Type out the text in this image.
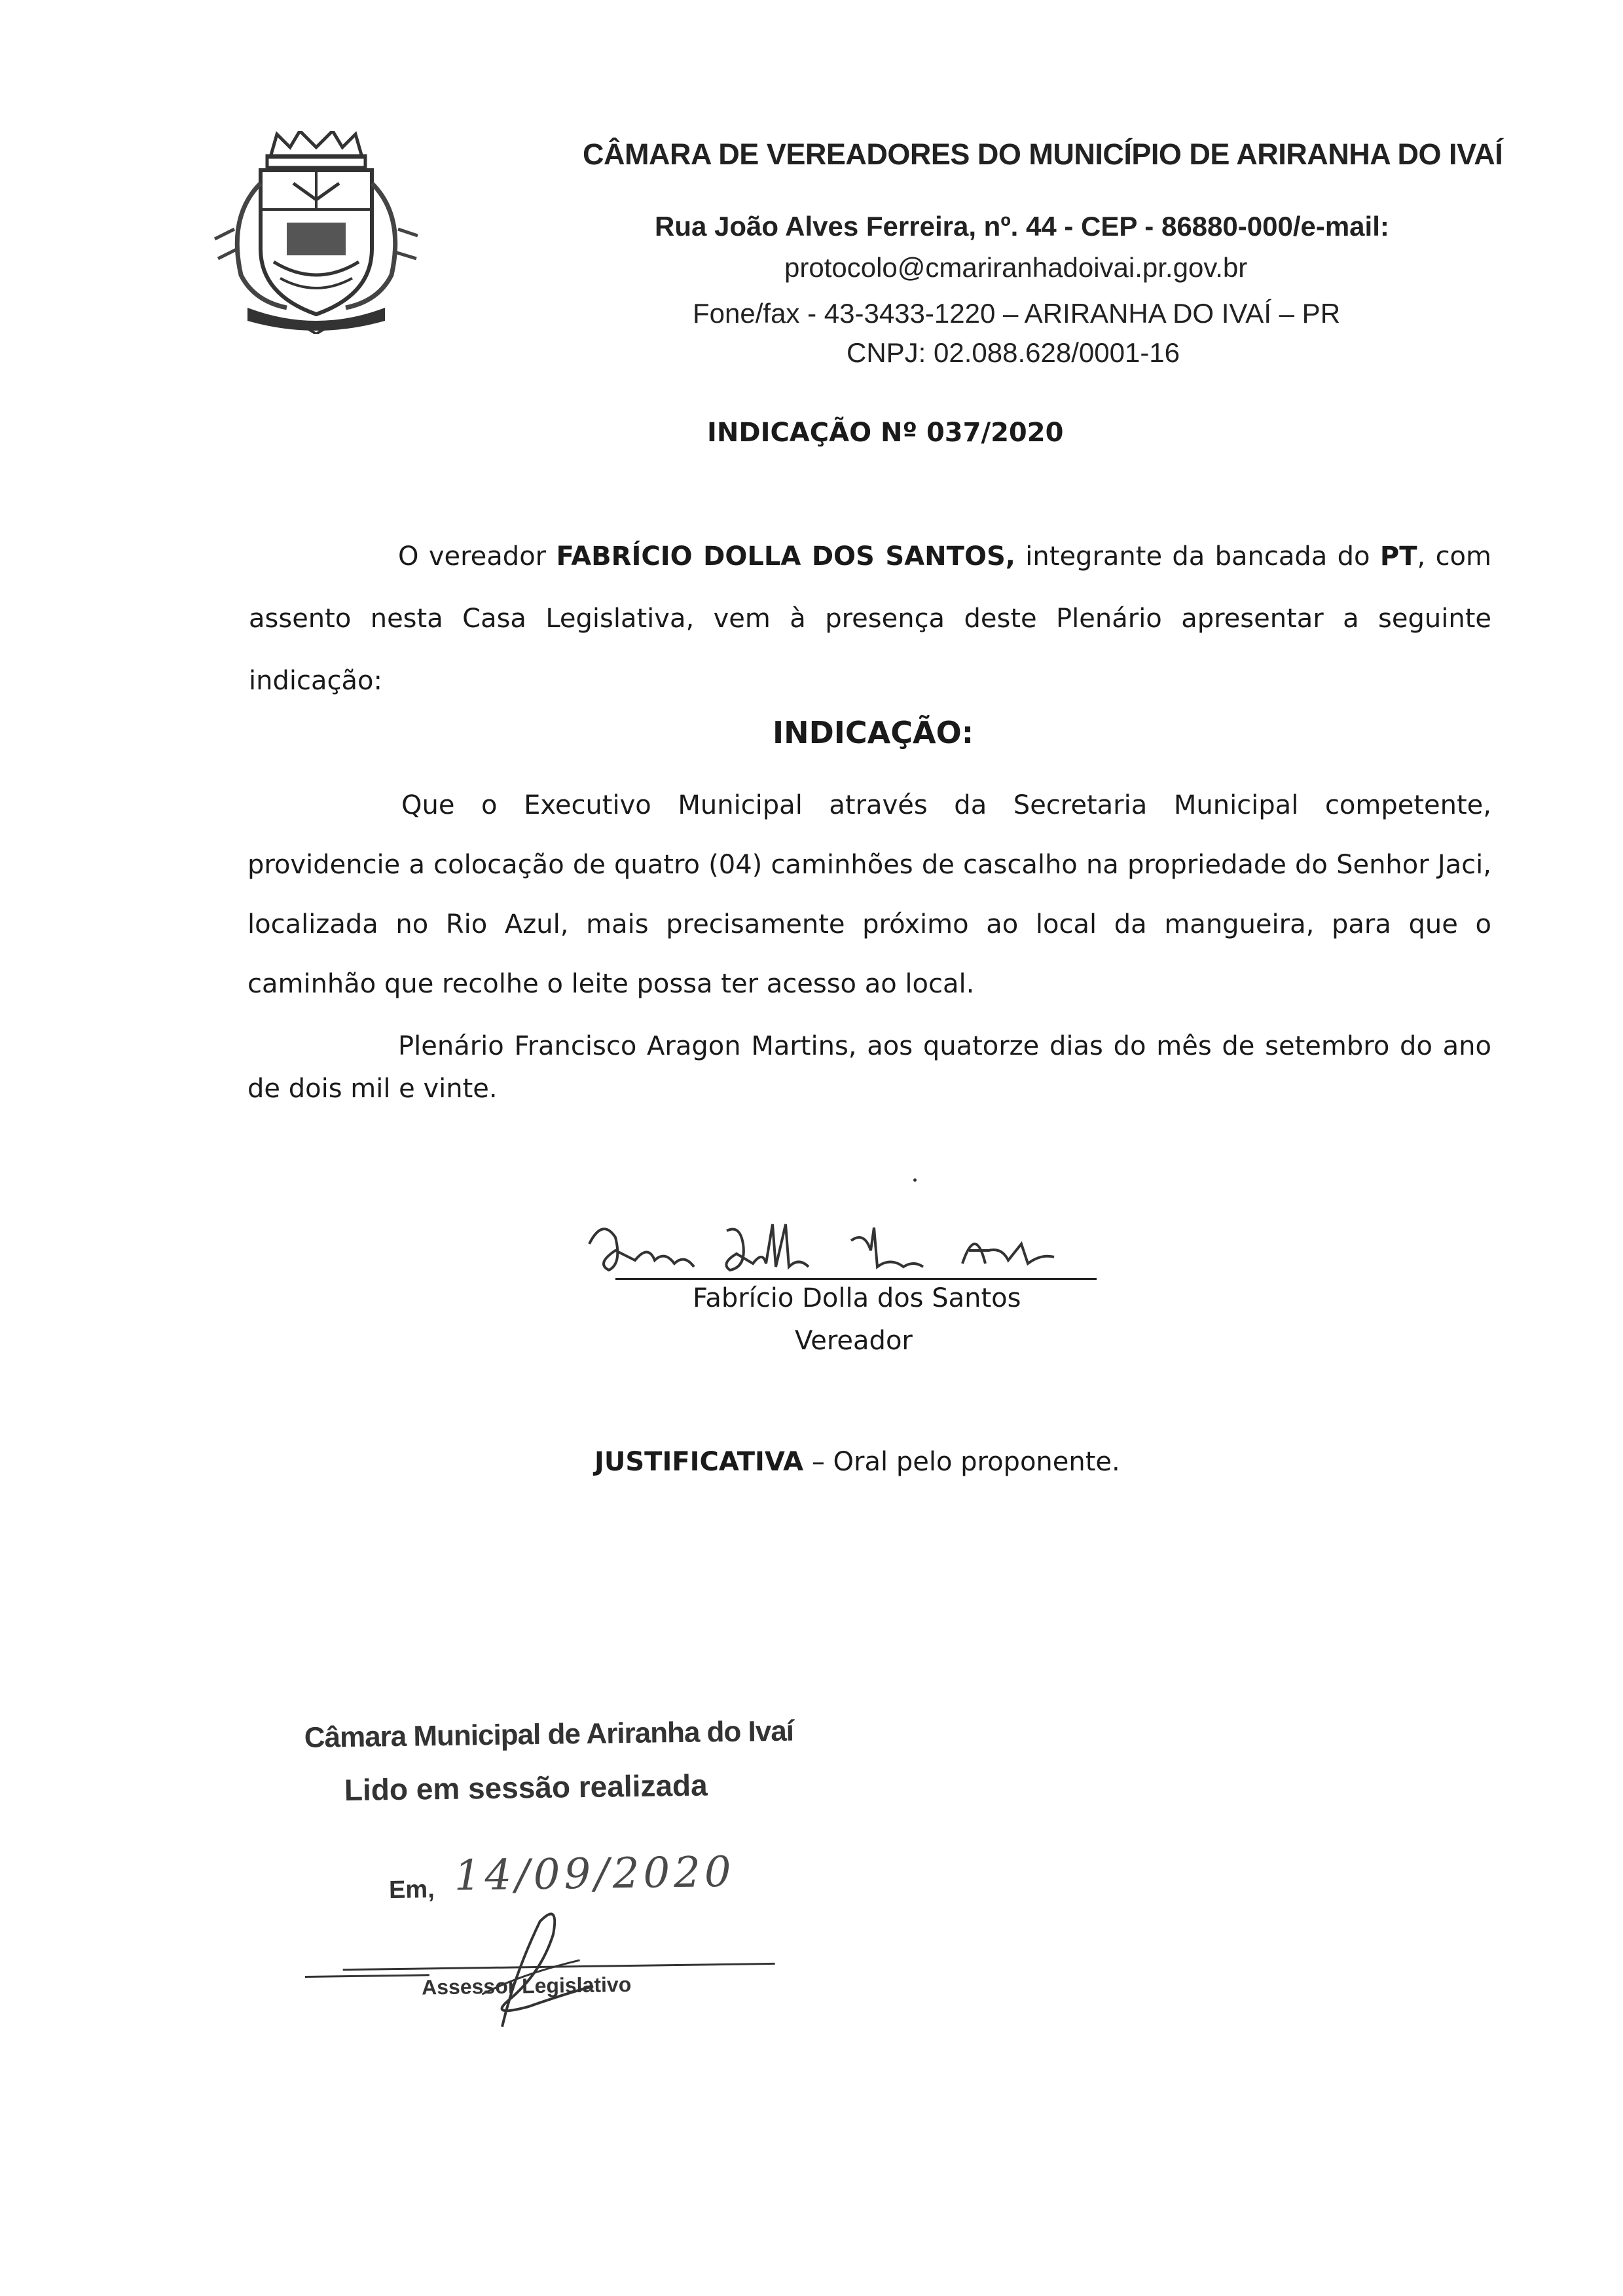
CÂMARA DE VEREADORES DO MUNICÍPIO DE ARIRANHA DO IVAÍ
Rua João Alves Ferreira, nº. 44 - CEP - 86880-000/e-mail:
protocolo@cmariranhadoivai.pr.gov.br
Fone/fax - 43-3433-1220 – ARIRANHA DO IVAÍ – PR
CNPJ: 02.088.628/0001-16
INDICAÇÃO Nº 037/2020
O vereador FABRÍCIO DOLLA DOS SANTOS, integrante da bancada do PT, com assento nesta Casa Legislativa, vem à presença deste Plenário apresentar a seguinte indicação:
INDICAÇÃO:
Que o Executivo Municipal através da Secretaria Municipal competente, providencie a colocação de quatro (04) caminhões de cascalho na propriedade do Senhor Jaci, localizada no Rio Azul, mais precisamente próximo ao local da mangueira, para que o caminhão que recolhe o leite possa ter acesso ao local.
Plenário Francisco Aragon Martins, aos quatorze dias do mês de setembro do ano de dois mil e vinte.
Fabrício Dolla dos Santos
Vereador
JUSTIFICATIVA – Oral pelo proponente.
Câmara Municipal de Ariranha do Ivaí
Lido em sessão realizada
Em, 14/09/2020
Assessor Legislativo
